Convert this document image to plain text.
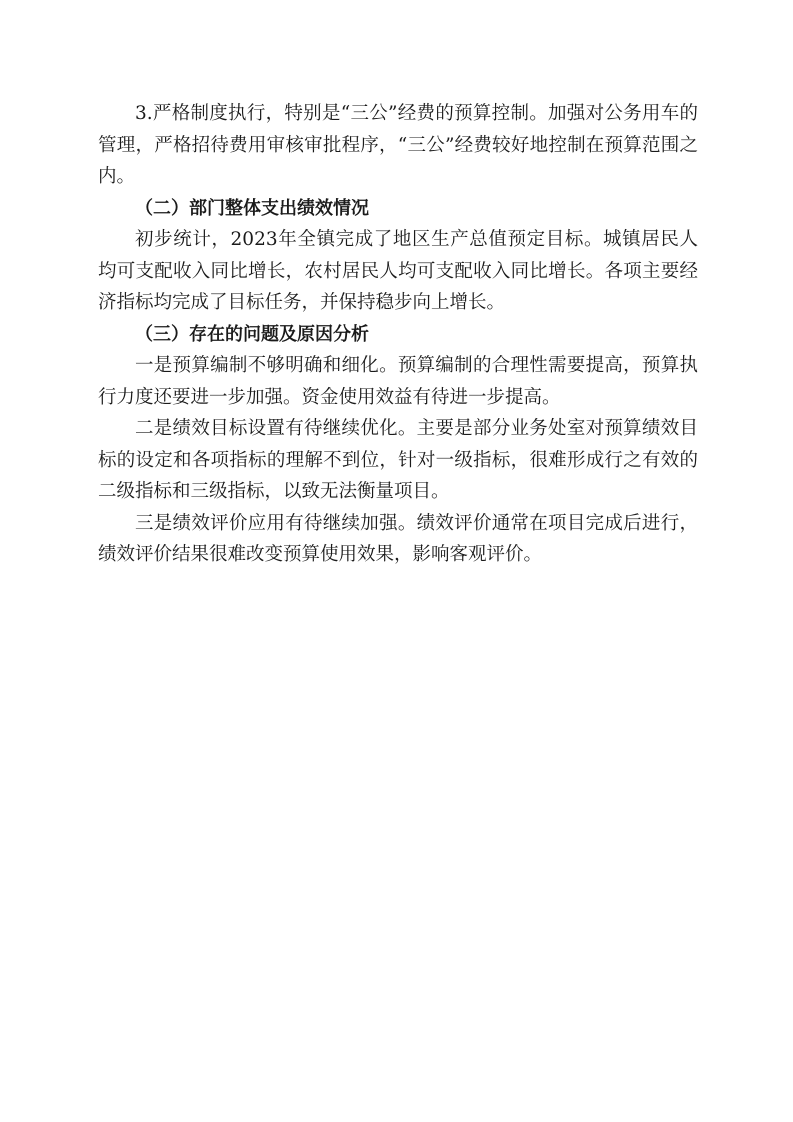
3.严格制度执行，特别是“三公”经费的预算控制。加强对公务用车的管理，严格招待费用审核审批程序，“三公”经费较好地控制在预算范围之内。

（二）部门整体支出绩效情况

初步统计，2023年全镇完成了地区生产总值预定目标。城镇居民人均可支配收入同比增长，农村居民人均可支配收入同比增长。各项主要经济指标均完成了目标任务，并保持稳步向上增长。

（三）存在的问题及原因分析

一是预算编制不够明确和细化。预算编制的合理性需要提高，预算执行力度还要进一步加强。资金使用效益有待进一步提高。

二是绩效目标设置有待继续优化。主要是部分业务处室对预算绩效目标的设定和各项指标的理解不到位，针对一级指标，很难形成行之有效的二级指标和三级指标，以致无法衡量项目。

三是绩效评价应用有待继续加强。绩效评价通常在项目完成后进行，绩效评价结果很难改变预算使用效果，影响客观评价。
